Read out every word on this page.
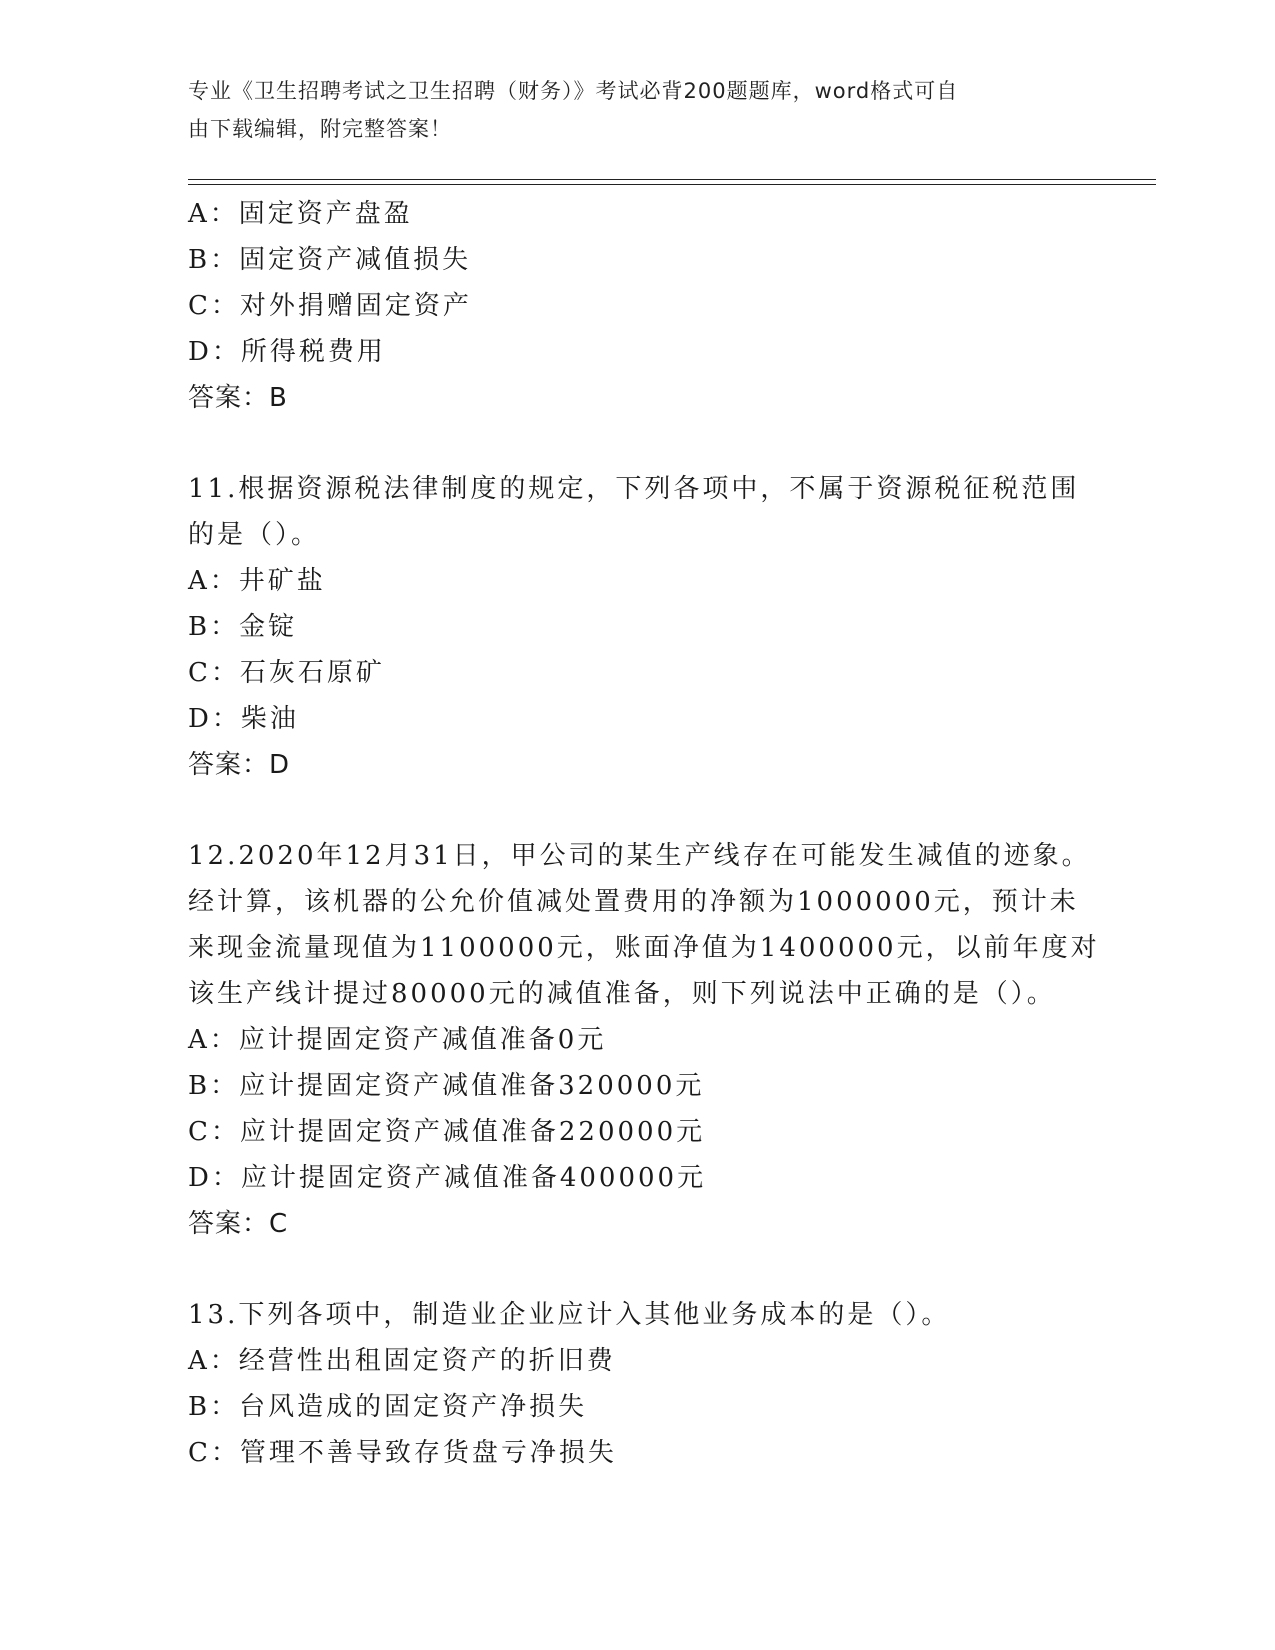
专业《卫生招聘考试之卫生招聘（财务）》考试必背200题题库，word格式可自
由下载编辑，附完整答案！
A：固定资产盘盈
B：固定资产减值损失
C：对外捐赠固定资产
D：所得税费用
答案：B
11.根据资源税法律制度的规定，下列各项中，不属于资源税征税范围
的是（）。
A：井矿盐
B：金锭
C：石灰石原矿
D：柴油
答案：D
12.2020年12月31日，甲公司的某生产线存在可能发生减值的迹象。
经计算，该机器的公允价值减处置费用的净额为1000000元，预计未
来现金流量现值为1100000元，账面净值为1400000元，以前年度对
该生产线计提过80000元的减值准备，则下列说法中正确的是（）。
A：应计提固定资产减值准备0元
B：应计提固定资产减值准备320000元
C：应计提固定资产减值准备220000元
D：应计提固定资产减值准备400000元
答案：C
13.下列各项中，制造业企业应计入其他业务成本的是（）。
A：经营性出租固定资产的折旧费
B：台风造成的固定资产净损失
C：管理不善导致存货盘亏净损失
